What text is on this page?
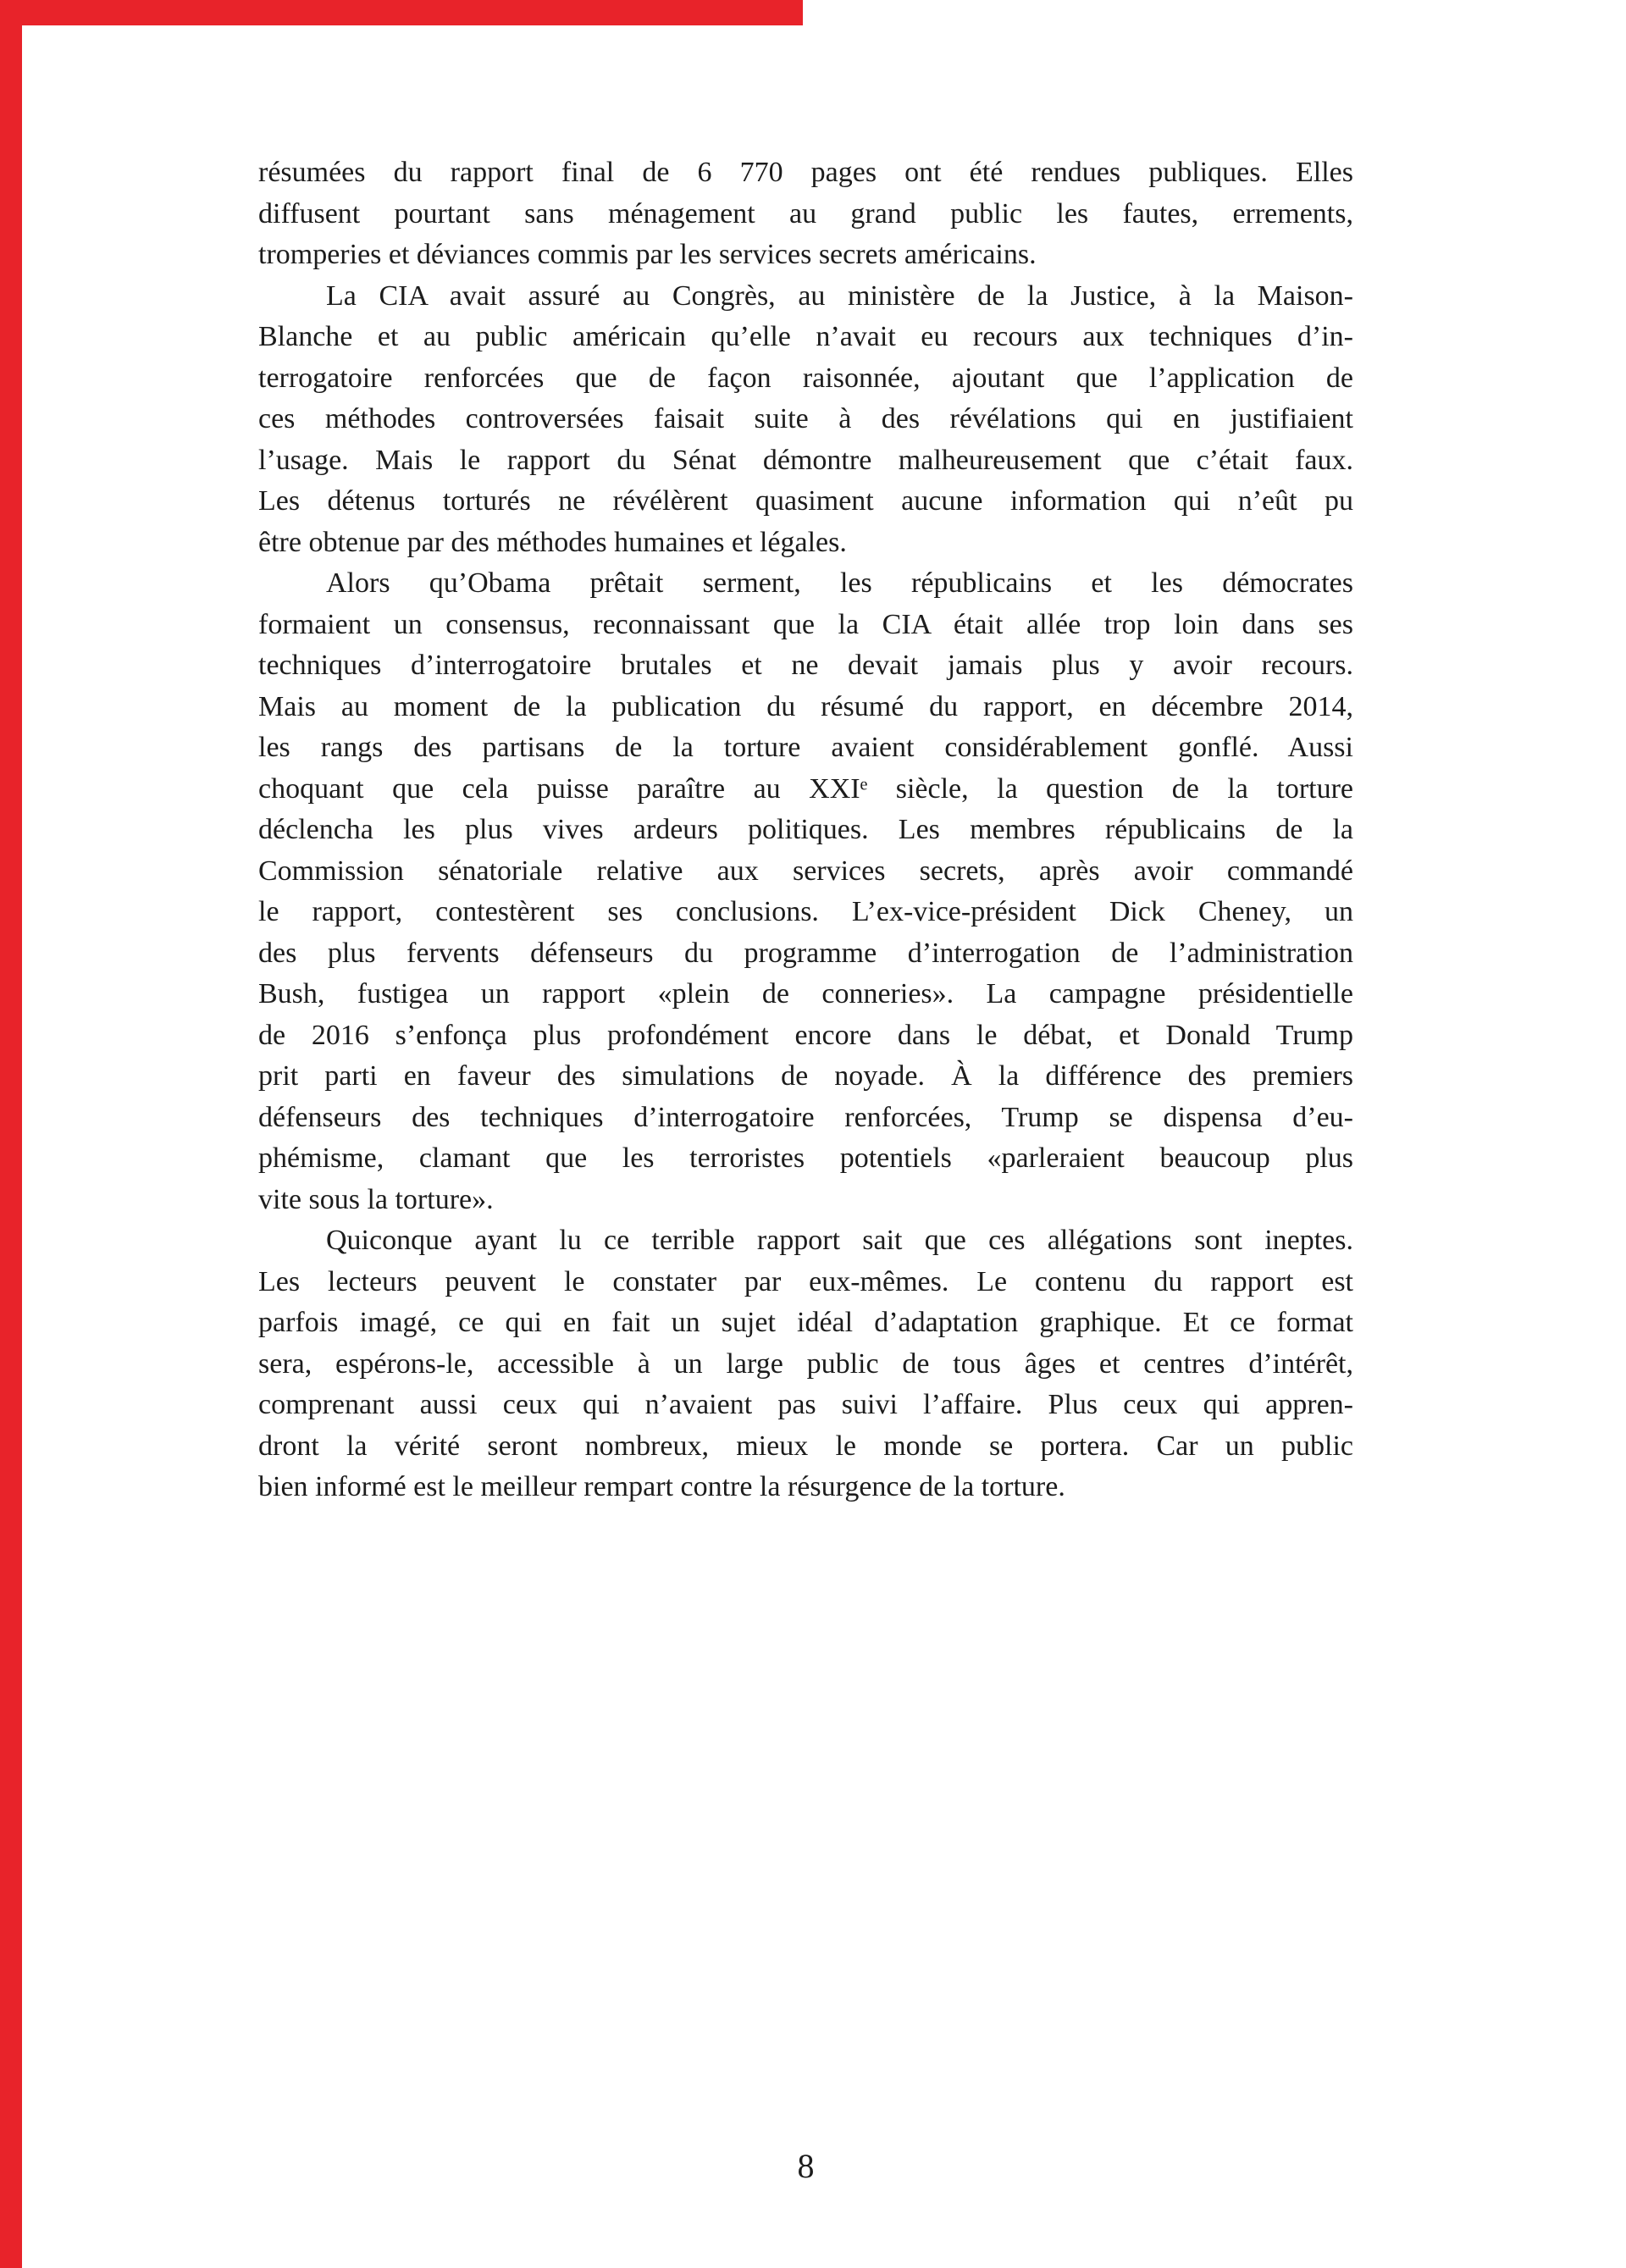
résumées du rapport final de 6 770 pages ont été rendues publiques. Elles
diffusent pourtant sans ménagement au grand public les fautes, errements,
tromperies et déviances commis par les services secrets américains.
La CIA avait assuré au Congrès, au ministère de la Justice, à la Maison-
Blanche et au public américain qu’elle n’avait eu recours aux techniques d’in-
terrogatoire renforcées que de façon raisonnée, ajoutant que l’application de
ces méthodes controversées faisait suite à des révélations qui en justifiaient
l’usage. Mais le rapport du Sénat démontre malheureusement que c’était faux.
Les détenus torturés ne révélèrent quasiment aucune information qui n’eût pu
être obtenue par des méthodes humaines et légales.
Alors qu’Obama prêtait serment, les républicains et les démocrates
formaient un consensus, reconnaissant que la CIA était allée trop loin dans ses
techniques d’interrogatoire brutales et ne devait jamais plus y avoir recours.
Mais au moment de la publication du résumé du rapport, en décembre 2014,
les rangs des partisans de la torture avaient considérablement gonflé. Aussi
choquant que cela puisse paraître au XXIᵉ siècle, la question de la torture
déclencha les plus vives ardeurs politiques. Les membres républicains de la
Commission sénatoriale relative aux services secrets, après avoir commandé
le rapport, contestèrent ses conclusions. L’ex-vice-président Dick Cheney, un
des plus fervents défenseurs du programme d’interrogation de l’administration
Bush, fustigea un rapport «plein de conneries». La campagne présidentielle
de 2016 s’enfonça plus profondément encore dans le débat, et Donald Trump
prit parti en faveur des simulations de noyade. À la différence des premiers
défenseurs des techniques d’interrogatoire renforcées, Trump se dispensa d’eu-
phémisme, clamant que les terroristes potentiels «parleraient beaucoup plus
vite sous la torture».
Quiconque ayant lu ce terrible rapport sait que ces allégations sont ineptes.
Les lecteurs peuvent le constater par eux-mêmes. Le contenu du rapport est
parfois imagé, ce qui en fait un sujet idéal d’adaptation graphique. Et ce format
sera, espérons-le, accessible à un large public de tous âges et centres d’intérêt,
comprenant aussi ceux qui n’avaient pas suivi l’affaire. Plus ceux qui appren-
dront la vérité seront nombreux, mieux le monde se portera. Car un public
bien informé est le meilleur rempart contre la résurgence de la torture.
8
